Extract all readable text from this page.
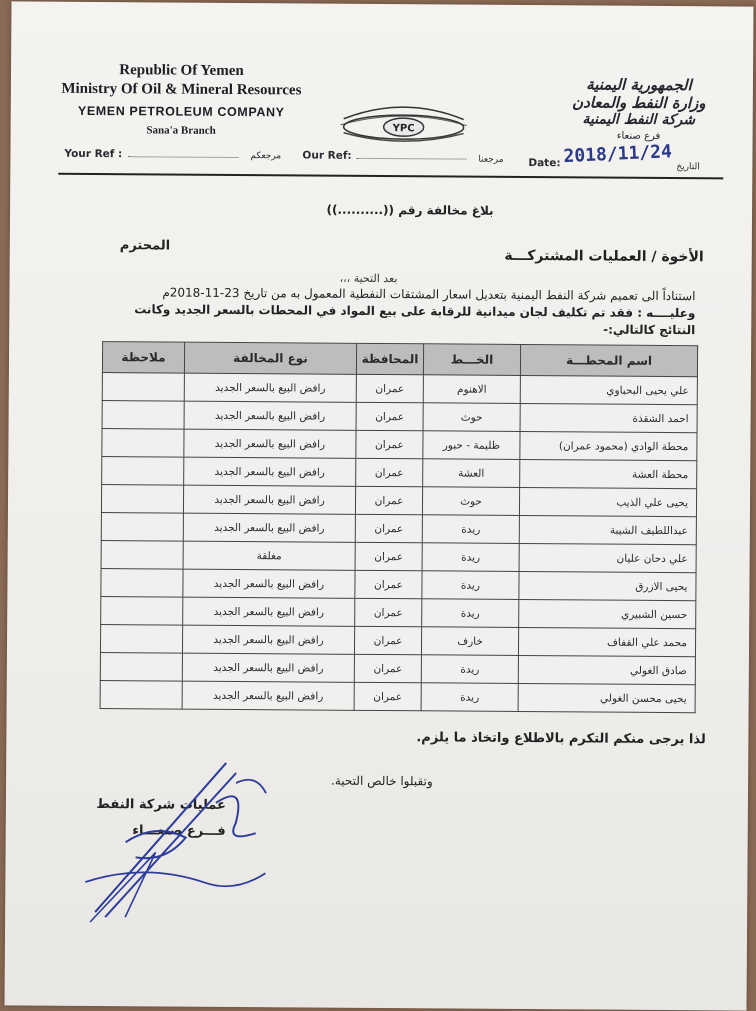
Republic Of Yemen
Ministry Of Oil & Mineral Resources
YEMEN PETROLEUM COMPANY
Sana'a Branch	YPC
الجمهورية اليمنية
وزارة النفط والمعادن
شركة النفط اليمنية
فرع صنعاء
Your Ref :
	مرجعكم Our Ref:
	مرجعنا Date: 2018/11/24
التاريخ
بلاغ مخالفة رقم ((..........))
المحترم
الأخوة / العمليات المشتركـــة
بعد التحية ،،،

استناداً الى تعميم شركة النفط اليمنية بتعديل اسعار المشتقات النفطية المعمول به من تاريخ 23-11-2018م

وعليــــه : فقد تم تكليف لجان ميدانية للرقابة على بيع المواد في المحطات بالسعر الجديد وكانت

النتائج كالتالي:-

اسم المحطـــة	الخـــط	المحافظة	نوع المخالفة	ملاحظة
علي يحيى البحباوي	الاهنوم	عمران	رافض البيع بالسعر الجديد	
احمد الشقذة	حوث	عمران	رافض البيع بالسعر الجديد	
محطة الوادي (محمود عمران)	ظليمة - حبور	عمران	رافض البيع بالسعر الجديد	
محطة العشة	العشة	عمران	رافض البيع بالسعر الجديد	
يحيى علي الذيب	حوث	عمران	رافض البيع بالسعر الجديد	
عبداللطيف الشيبة	ريدة	عمران	رافض البيع بالسعر الجديد	
علي دحان عليان	ريدة	عمران	مغلقة	
يحيى الازرق	ريدة	عمران	رافض البيع بالسعر الجديد	
حسين الشبيري	ريدة	عمران	رافض البيع بالسعر الجديد	
محمد علي القفاف	خارف	عمران	رافض البيع بالسعر الجديد	
صادق الغولي	ريدة	عمران	رافض البيع بالسعر الجديد	
يحيى محسن الغولي	ريدة	عمران	رافض البيع بالسعر الجديد	
لذا يرجى منكم التكرم بالاطلاع واتخاذ ما يلزم.
وتقبلوا خالص التحية.
عمليات شركة النفط
فـــرع صنعـــاء
